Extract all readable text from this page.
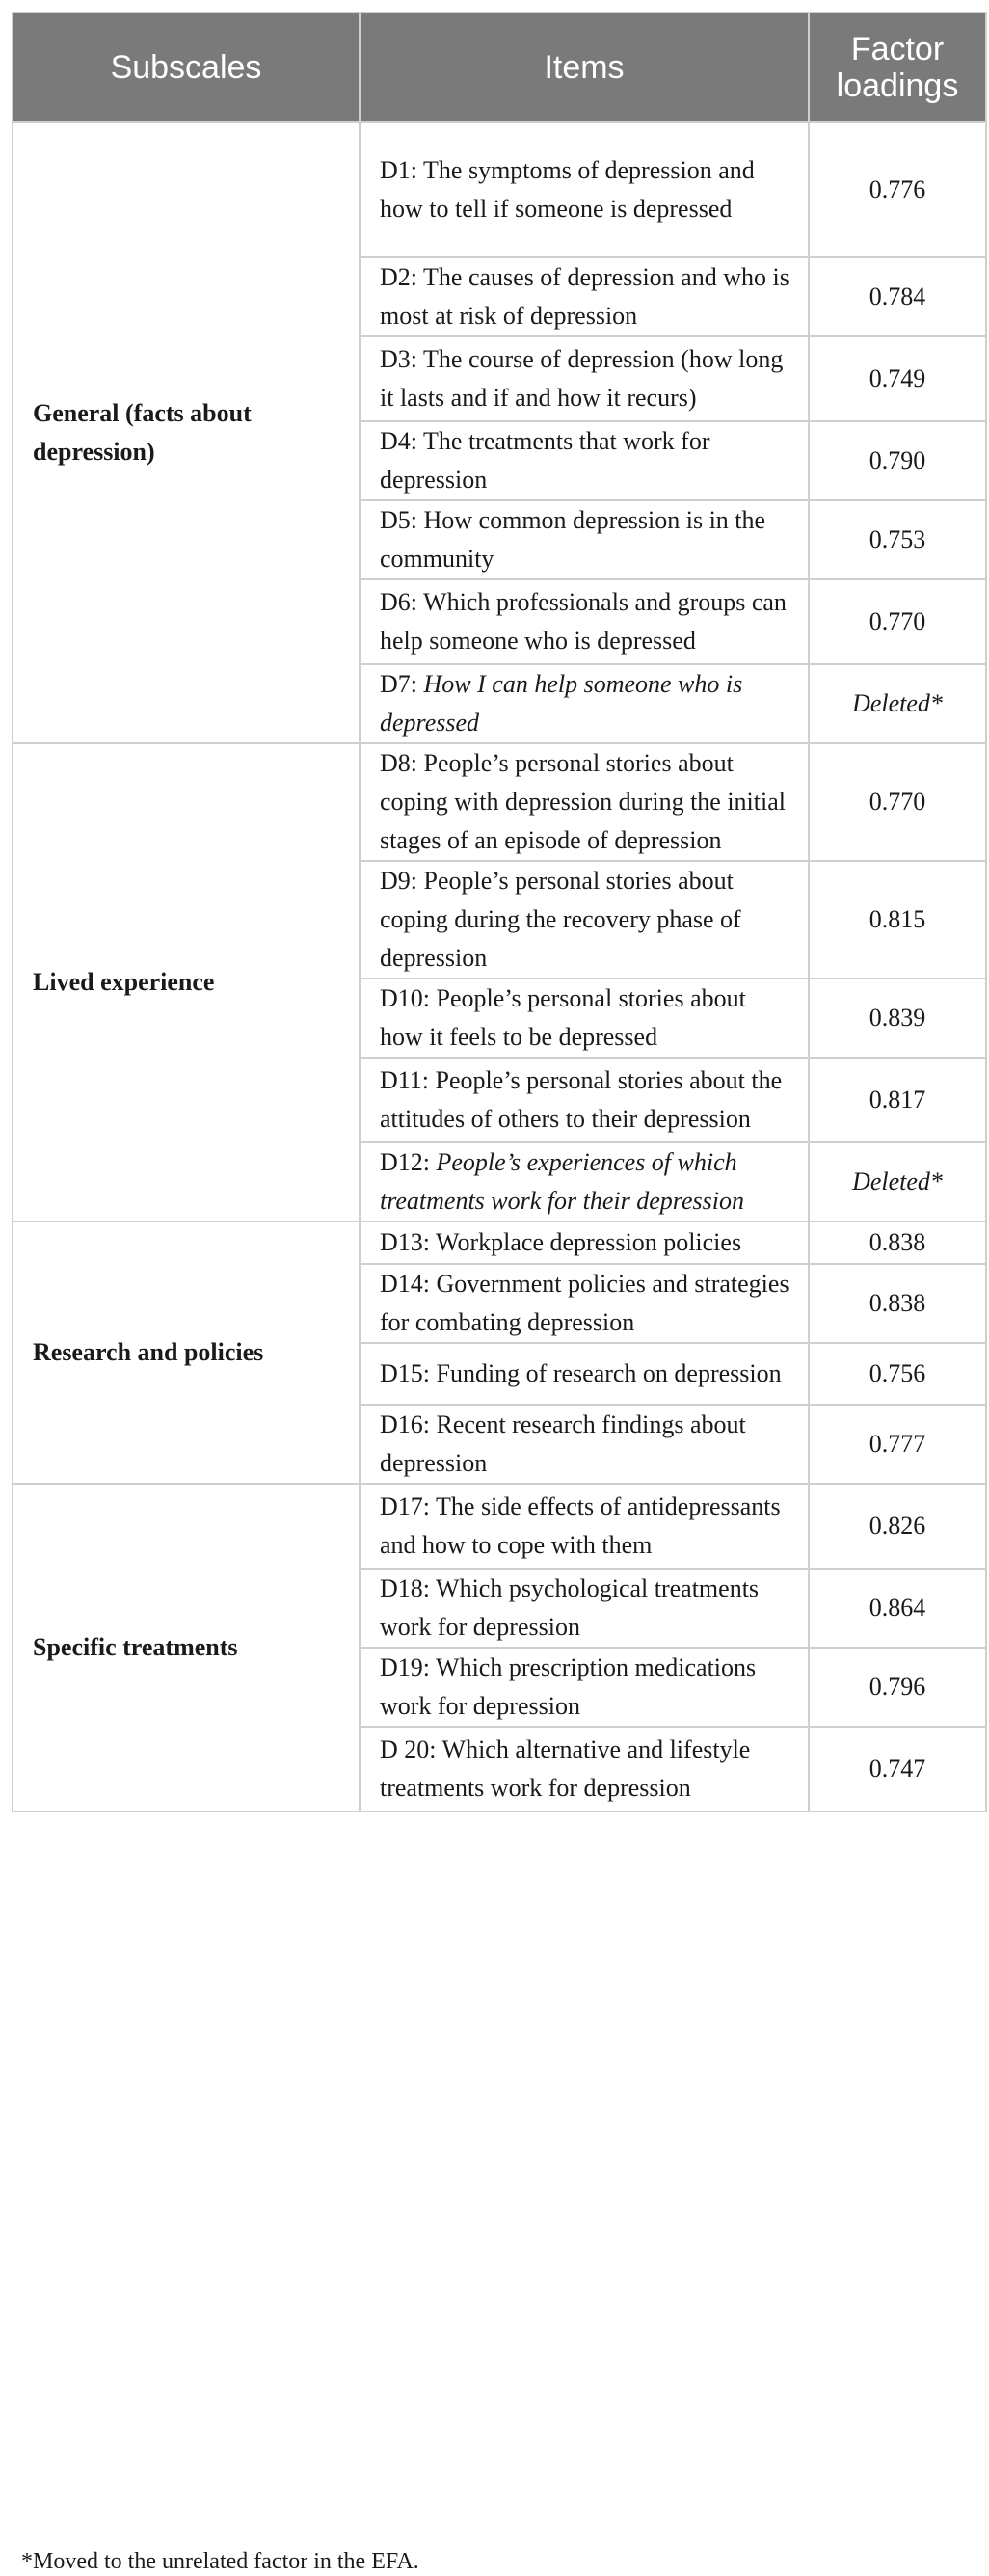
Subscales	Items	Factor loadings
General (facts about depression)	D1: The symptoms of depression and how to tell if someone is depressed	0.776
	D2: The causes of depression and who is most at risk of depression	0.784
	D3: The course of depression (how long it lasts and if and how it recurs)	0.749
	D4: The treatments that work for depression	0.790
	D5: How common depression is in the community	0.753
	D6: Which professionals and groups can help someone who is depressed	0.770
	D7: How I can help someone who is depressed	Deleted*
Lived experience	D8: People’s personal stories about coping with depression during the initial stages of an episode of depression	0.770
	D9: People’s personal stories about coping during the recovery phase of depression	0.815
	D10: People’s personal stories about how it feels to be depressed	0.839
	D11: People’s personal stories about the attitudes of others to their depression	0.817
	D12: People’s experiences of which treatments work for their depression	Deleted*
Research and policies	D13: Workplace depression policies	0.838
	D14: Government policies and strategies for combating depression	0.838
	D15: Funding of research on depression	0.756
	D16: Recent research findings about depression	0.777
Specific treatments	D17: The side effects of antidepressants and how to cope with them	0.826
	D18: Which psychological treatments work for depression	0.864
	D19: Which prescription medications work for depression	0.796
	D 20: Which alternative and lifestyle treatments work for depression	0.747
*Moved to the unrelated factor in the EFA.
